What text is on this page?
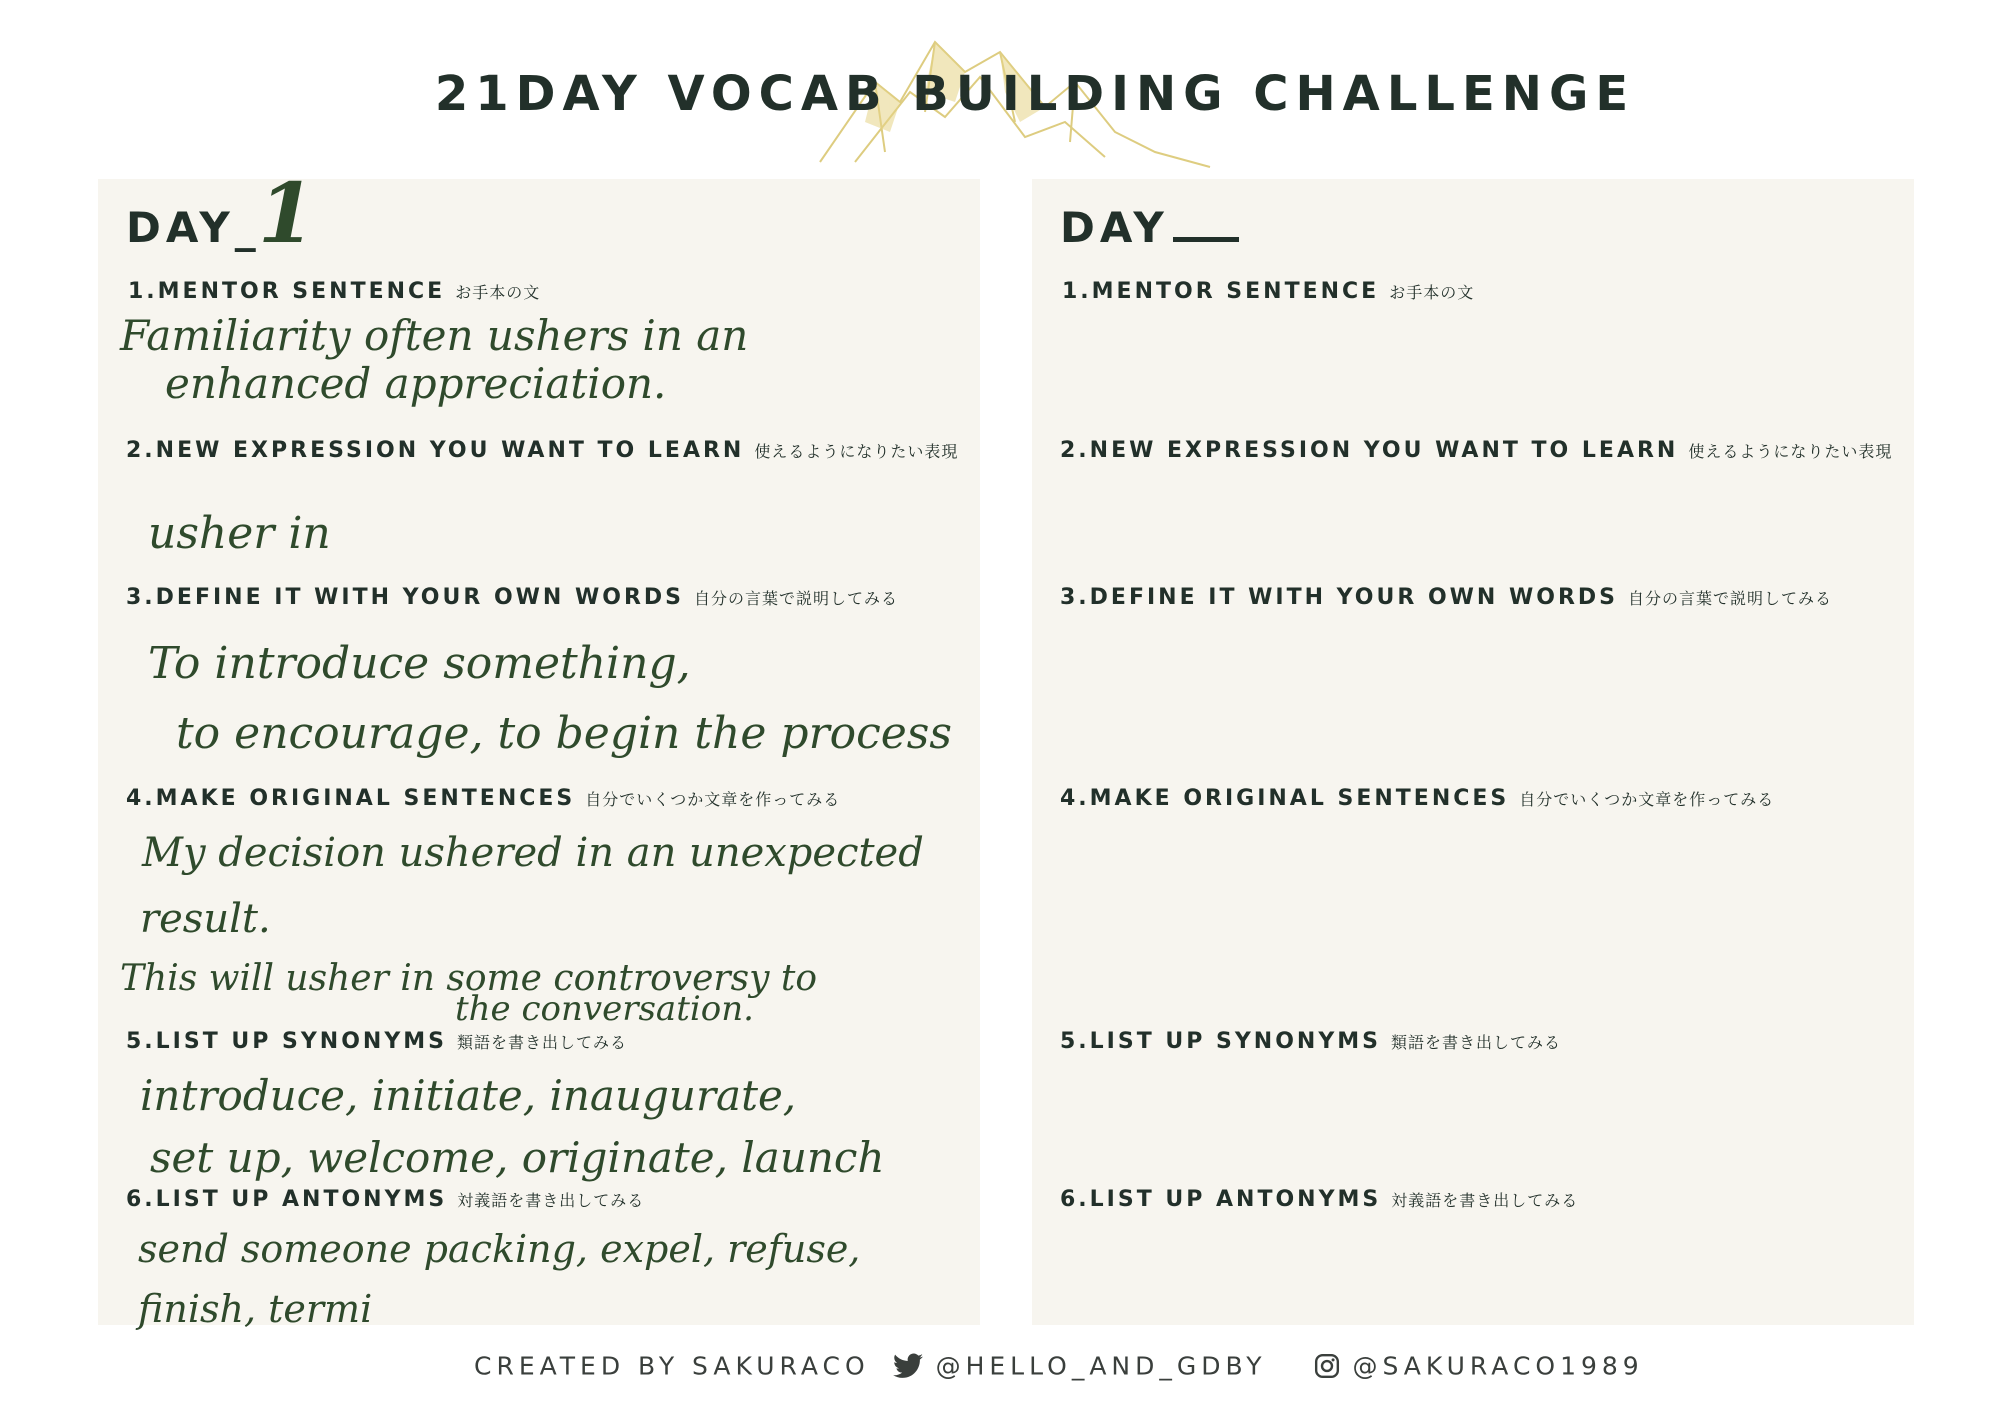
21DAY VOCAB BUILDING CHALLENGE
DAY_
1.MENTOR SENTENCE お手本の文
2.NEW EXPRESSION YOU WANT TO LEARN 使えるようになりたい表現
3.DEFINE IT WITH YOUR OWN WORDS 自分の言葉で説明してみる
4.MAKE ORIGINAL SENTENCES 自分でいくつか文章を作ってみる
5.LIST UP SYNONYMS 類語を書き出してみる
6.LIST UP ANTONYMS 対義語を書き出してみる
1
Familiarity often ushers in an
enhanced appreciation.
usher in
To introduce something,
to encourage, to begin the process
My decision ushered in an unexpected
result.
This will usher in some controversy to
the conversation.
introduce, initiate, inaugurate,
set up, welcome, originate, launch
send someone packing, expel, refuse,
finish, termi
DAY
1.MENTOR SENTENCE お手本の文
2.NEW EXPRESSION YOU WANT TO LEARN 使えるようになりたい表現
3.DEFINE IT WITH YOUR OWN WORDS 自分の言葉で説明してみる
4.MAKE ORIGINAL SENTENCES 自分でいくつか文章を作ってみる
5.LIST UP SYNONYMS 類語を書き出してみる
6.LIST UP ANTONYMS 対義語を書き出してみる
CREATED BY SAKURACO	@HELLO_AND_GDBY	@SAKURACO1989
